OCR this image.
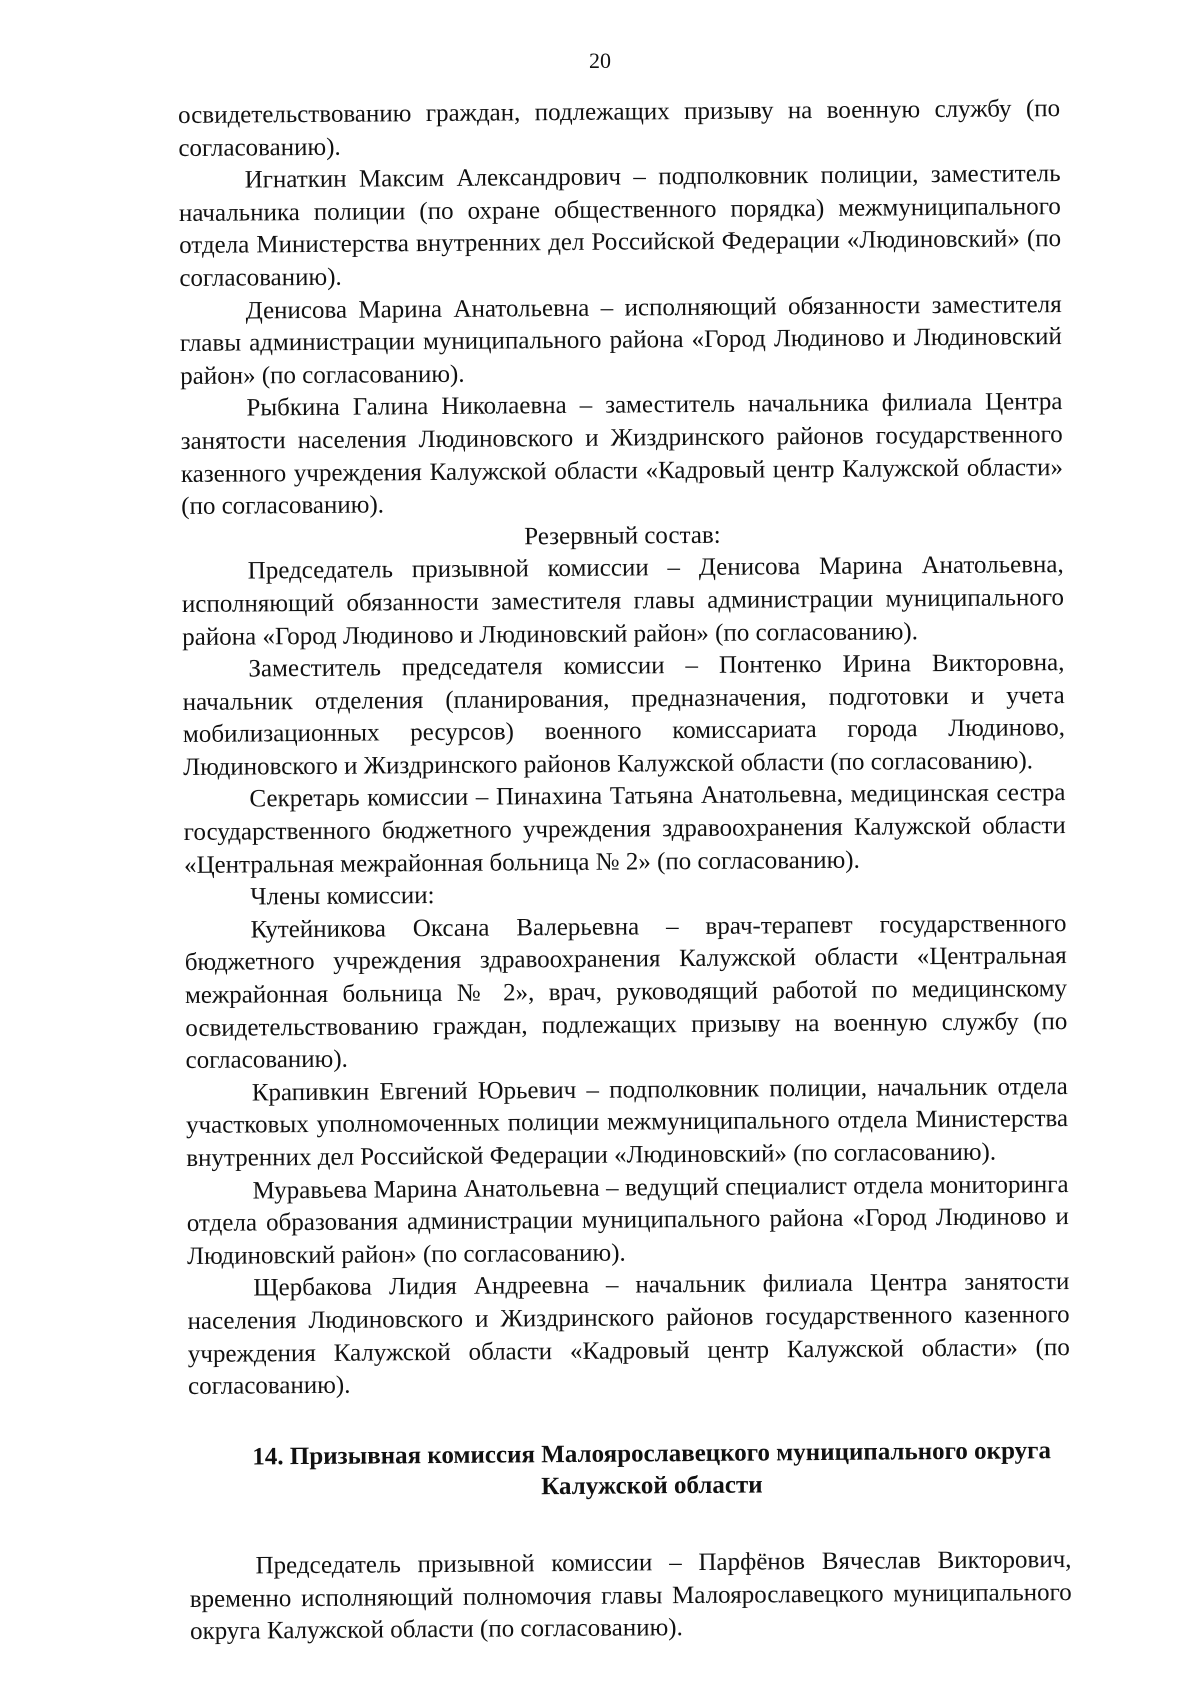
20

освидетельствованию граждан, подлежащих призыву на военную службу (по согласованию).

Игнаткин Максим Александрович – подполковник полиции, заместитель начальника полиции (по охране общественного порядка) межмуниципального отдела Министерства внутренних дел Российской Федерации «Людиновский» (по согласованию).

Денисова Марина Анатольевна – исполняющий обязанности заместителя главы администрации муниципального района «Город Людиново и Людиновский район» (по согласованию).

Рыбкина Галина Николаевна – заместитель начальника филиала Центра занятости населения Людиновского и Жиздринского районов государственного казенного учреждения Калужской области «Кадровый центр Калужской области» (по согласованию).

Резервный состав:

Председатель призывной комиссии – Денисова Марина Анатольевна, исполняющий обязанности заместителя главы администрации муниципального района «Город Людиново и Людиновский район» (по согласованию).

Заместитель председателя комиссии – Понтенко Ирина Викторовна, начальник отделения (планирования, предназначения, подготовки и учета мобилизационных ресурсов) военного комиссариата города Людиново, Людиновского и Жиздринского районов Калужской области (по согласованию).

Секретарь комиссии – Пинахина Татьяна Анатольевна, медицинская сестра государственного бюджетного учреждения здравоохранения Калужской области «Центральная межрайонная больница № 2» (по согласованию).

Члены комиссии:

Кутейникова Оксана Валерьевна – врач-терапевт государственного бюджетного учреждения здравоохранения Калужской области «Центральная межрайонная больница № 2», врач, руководящий работой по медицинскому освидетельствованию граждан, подлежащих призыву на военную службу (по согласованию).

Крапивкин Евгений Юрьевич – подполковник полиции, начальник отдела участковых уполномоченных полиции межмуниципального отдела Министерства внутренних дел Российской Федерации «Людиновский» (по согласованию).

Муравьева Марина Анатольевна – ведущий специалист отдела мониторинга отдела образования администрации муниципального района «Город Людиново и Людиновский район» (по согласованию).

Щербакова Лидия Андреевна – начальник филиала Центра занятости населения Людиновского и Жиздринского районов государственного казенного учреждения Калужской области «Кадровый центр Калужской области» (по согласованию).

14. Призывная комиссия Малоярославецкого муниципального округа
Калужской области

Председатель призывной комиссии – Парфёнов Вячеслав Викторович, временно исполняющий полномочия главы Малоярославецкого муниципального округа Калужской области (по согласованию).
